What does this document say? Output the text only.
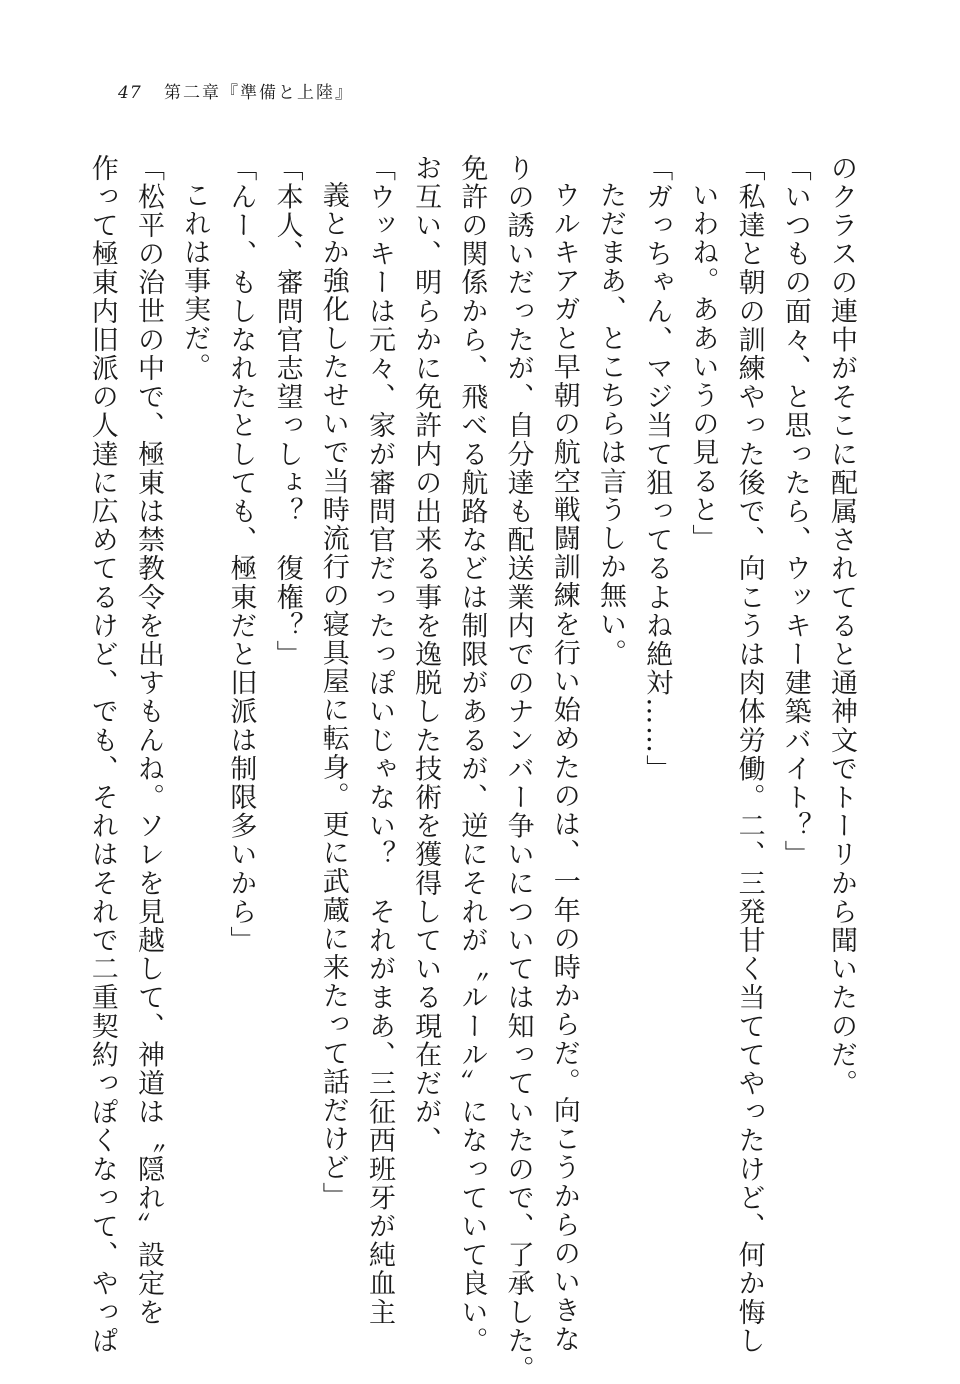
47 第二章『準備と上陸』
のクラスの連中がそこに配属されてると通神文でトーリから聞いたのだ。
「いつもの面々、と思ったら、ウッキー建築バイト？」
「私達と朝の訓練やった後で、向こうは肉体労働。二、三発甘く当ててやったけど、何か悔し
いわね。ああいうの見ると」
「ガっちゃん、マジ当て狙ってるよね絶対……」
ただまあ、とこちらは言うしか無い。
ウルキアガと早朝の航空戦闘訓練を行い始めたのは、一年の時からだ。向こうからのいきな
りの誘いだったが、自分達も配送業内でのナンバー争いについては知っていたので、了承した。
免許の関係から、飛べる航路などは制限があるが、逆にそれが〝ルール〟になっていて良い。
お互い、明らかに免許内の出来る事を逸脱した技術を獲得している現在だが、
「ウッキーは元々、家が審問官だったっぽいじゃない？　それがまあ、三征西班牙が純血主
義とか強化したせいで当時流行の寝具屋に転身。更に武蔵に来たって話だけど」
「本人、審問官志望っしょ？　復権？」
「んー、もしなれたとしても、極東だと旧派は制限多いから」
これは事実だ。
「松平の治世の中で、極東は禁教令を出すもんね。ソレを見越して、神道は〝隠れ〟設定を
作って極東内旧派の人達に広めてるけど、でも、それはそれで二重契約っぽくなって、やっぱ
